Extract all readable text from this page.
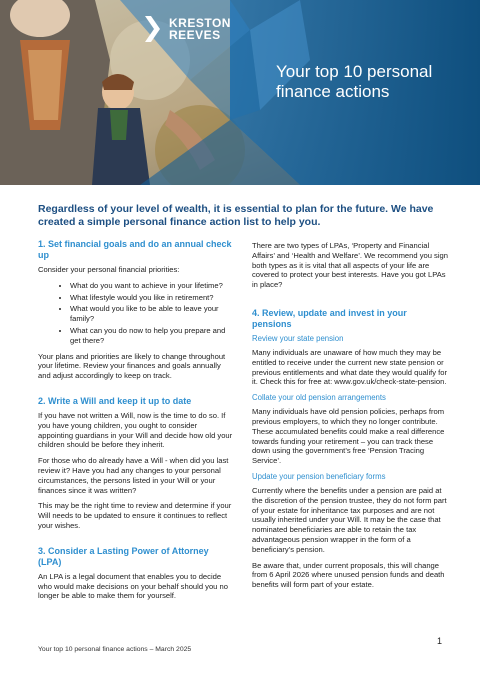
KRESTON
REEVES
Your top 10 personal finance actions
Regardless of your level of wealth, it is essential to plan for the future. We have created a simple personal finance action list to help you.
1. Set financial goals and do an annual check up

Consider your personal financial priorities:

• What do you want to achieve in your lifetime?
• What lifestyle would you like in retirement?
• What would you like to be able to leave your family?
• What can you do now to help you prepare and get there?

Your plans and priorities are likely to change throughout your lifetime. Review your finances and goals annually and adjust accordingly to keep on track.

2. Write a Will and keep it up to date

If you have not written a Will, now is the time to do so. If you have young children, you ought to consider appointing guardians in your Will and decide how old your children should be before they inherit.

For those who do already have a Will - when did you last review it? Have you had any changes to your personal circumstances, the persons listed in your Will or your finances since it was written?

This may be the right time to review and determine if your Will needs to be updated to ensure it continues to reflect your wishes.

3. Consider a Lasting Power of Attorney (LPA)

An LPA is a legal document that enables you to decide who would make decisions on your behalf should you no longer be able to make them for yourself.

There are two types of LPAs, ‘Property and Financial Affairs’ and ‘Health and Welfare’. We recommend you sign both types as it is vital that all aspects of your life are covered to protect your best interests. Have you got LPAs in place?

4. Review, update and invest in your pensions
Review your state pension

Many individuals are unaware of how much they may be entitled to receive under the current new state pension or previous entitlements and what date they would qualify for it. Check this for free at: www.gov.uk/check-state-pension.

Collate your old pension arrangements

Many individuals have old pension policies, perhaps from previous employers, to which they no longer contribute. These accumulated benefits could make a real difference towards funding your retirement – you can track these down using the government’s free ‘Pension Tracing Service’.

Update your pension beneficiary forms

Currently where the benefits under a pension are paid at the discretion of the pension trustee, they do not form part of your estate for inheritance tax purposes and are not usually inherited under your Will. It may be the case that nominated beneficiaries are able to retain the tax advantageous pension wrapper in the form of a beneficiary’s pension.

Be aware that, under current proposals, this will change from 6 April 2026 where unused pension funds and death benefits will form part of your estate.

1
Your top 10 personal finance actions – March 2025
